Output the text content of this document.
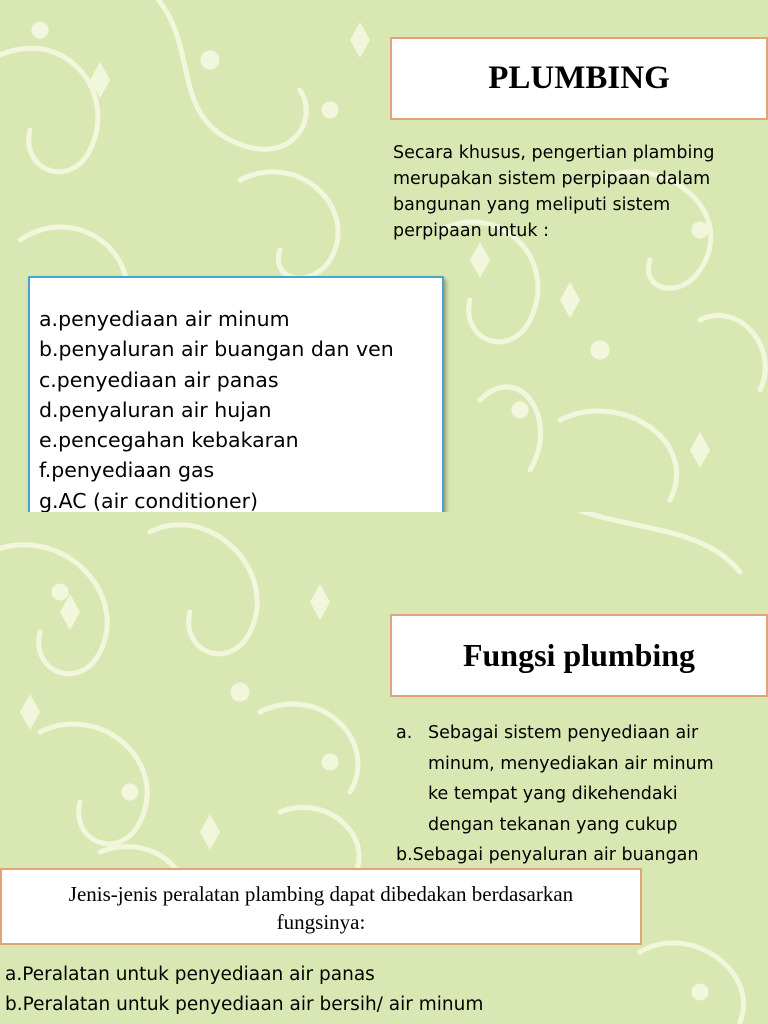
PLUMBING
Secara khusus, pengertian plambing
merupakan sistem perpipaan dalam
bangunan yang meliputi sistem
perpipaan untuk :
a.penyediaan air minum
b.penyaluran air buangan dan ven
c.penyediaan air panas
d.penyaluran air hujan
e.pencegahan kebakaran
f.penyediaan gas
g.AC (air conditioner)
Fungsi plumbing
a. Sebagai sistem penyediaan air
minum, menyediakan air minum
ke tempat yang dikehendaki
dengan tekanan yang cukup
b.Sebagai penyaluran air buangan
Jenis-jenis peralatan plambing dapat dibedakan berdasarkan
fungsinya:
a.Peralatan untuk penyediaan air panas
b.Peralatan untuk penyediaan air bersih/ air minum
